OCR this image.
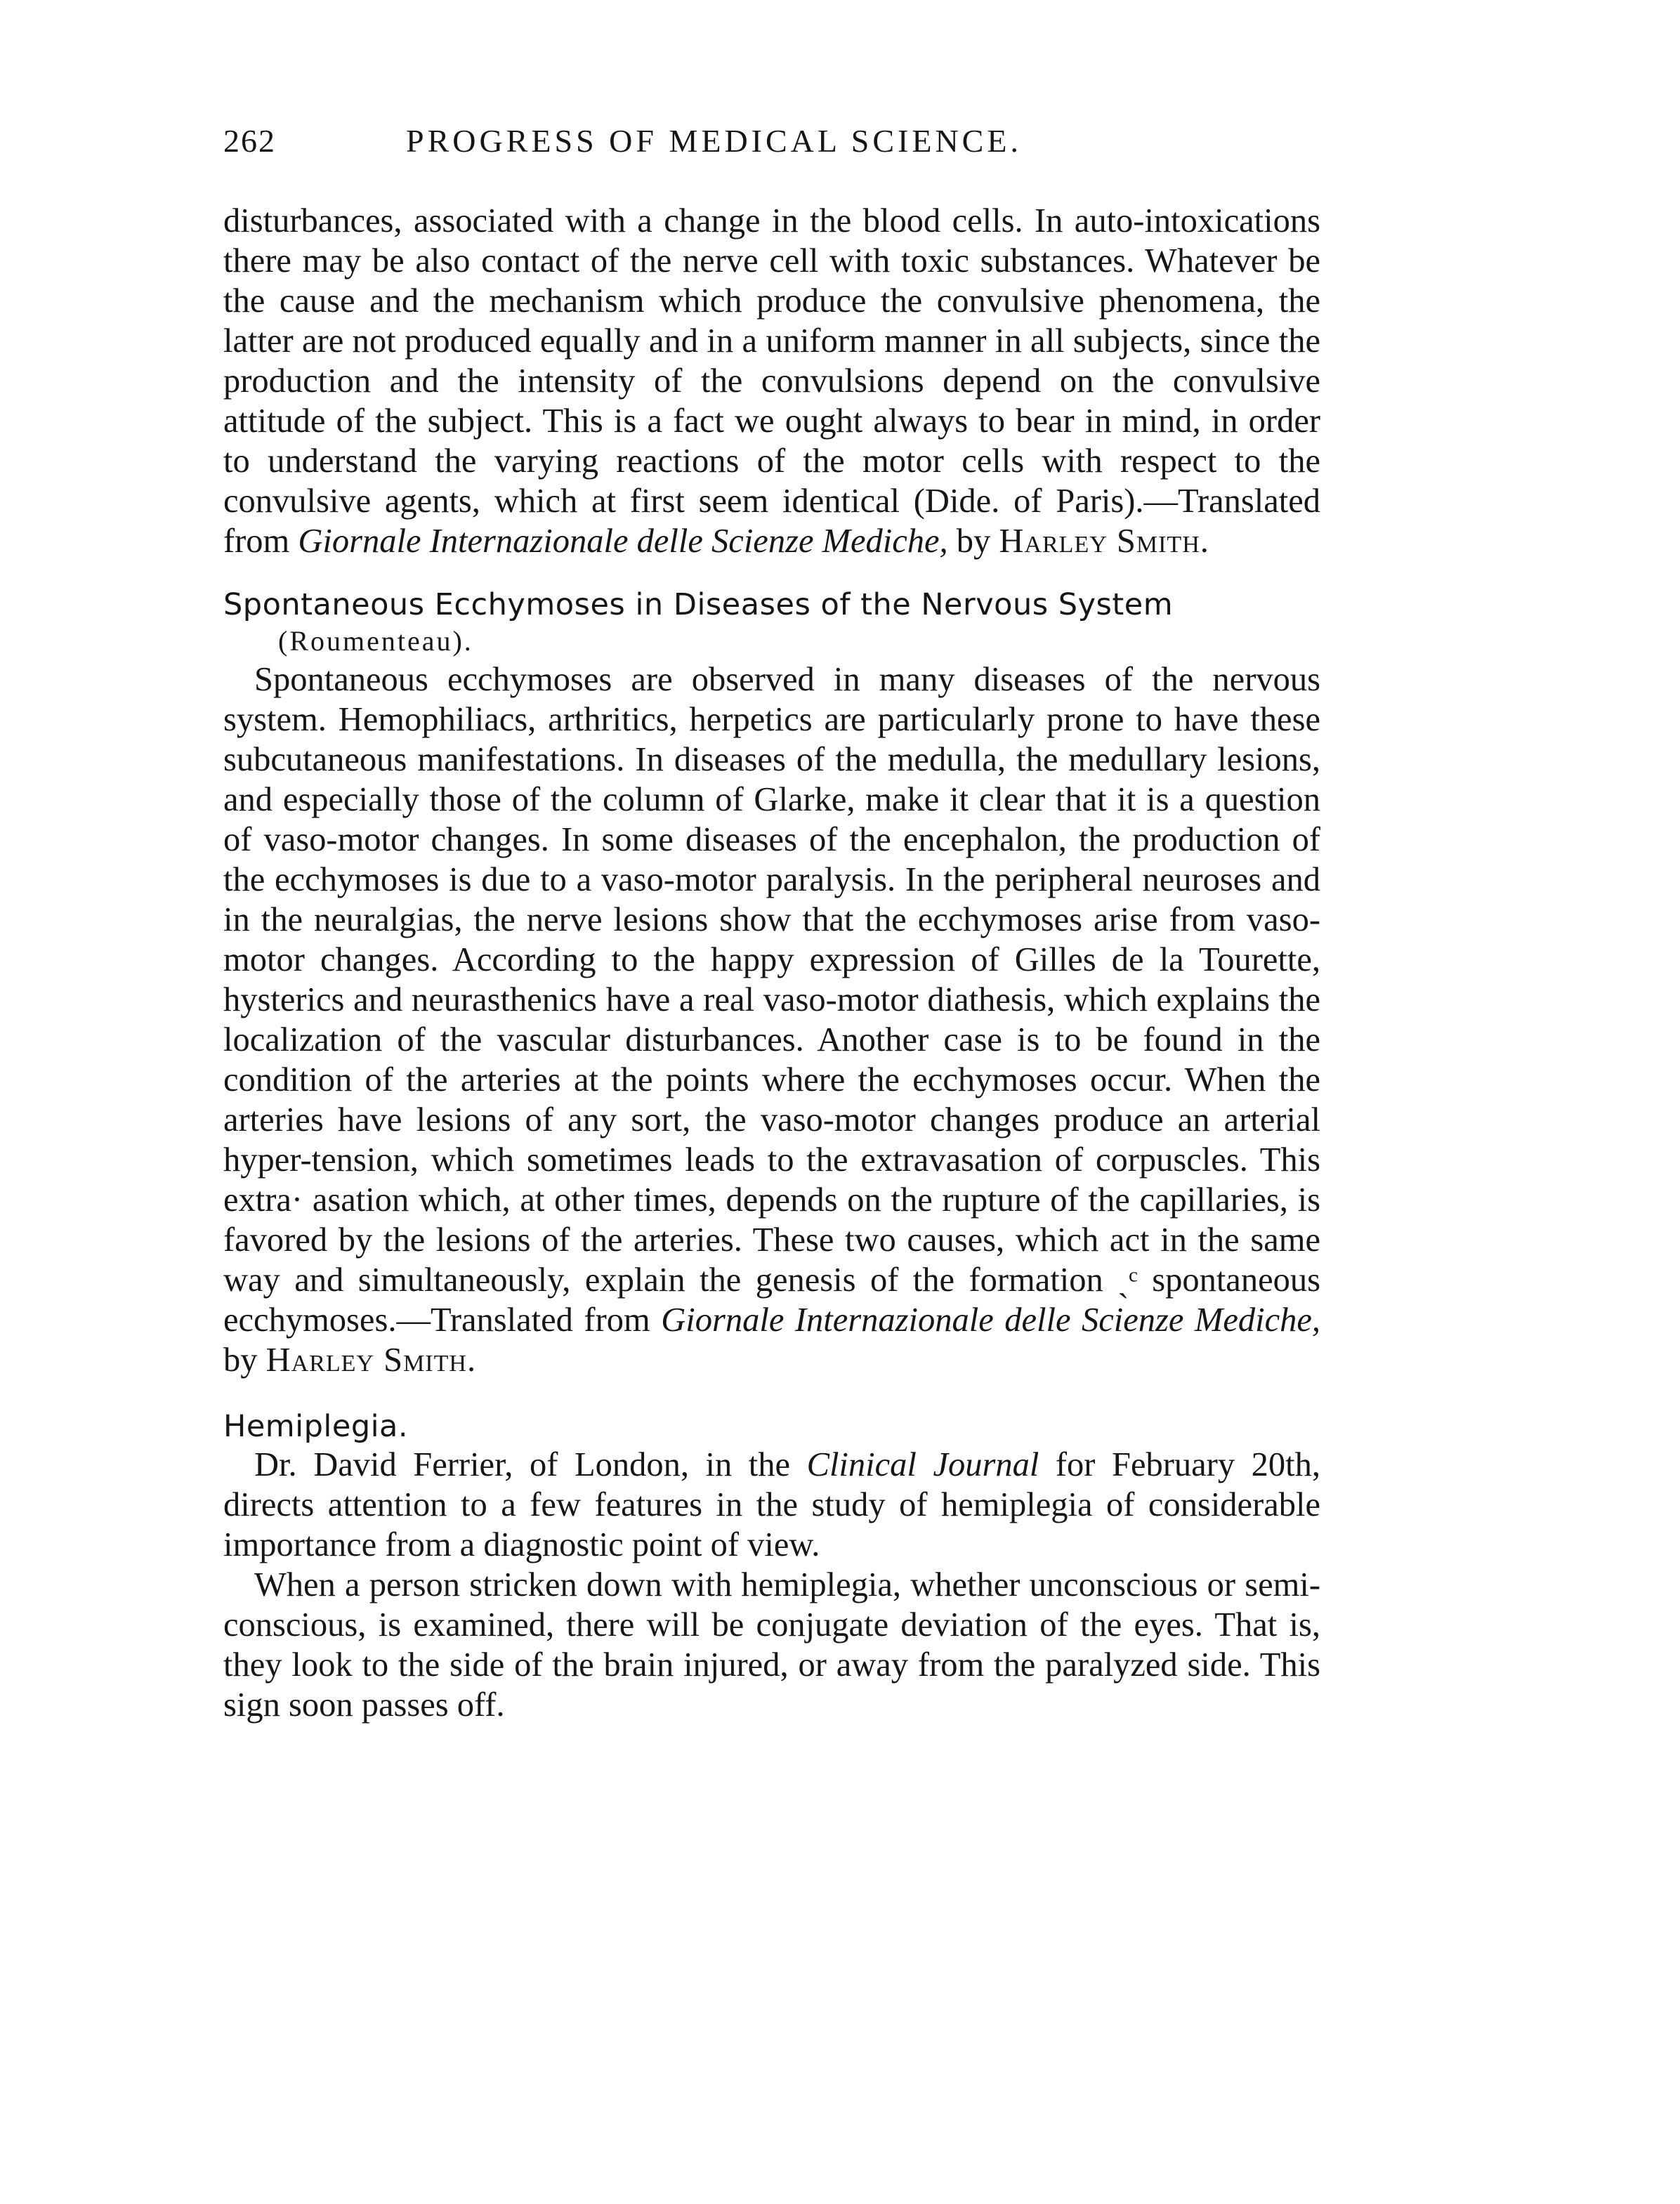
262	PROGRESS OF MEDICAL SCIENCE.

disturbances, associated with a change in the blood cells. In auto-intoxications there may be also contact of the nerve cell with toxic substances. Whatever be the cause and the mechanism which produce the convulsive phenomena, the latter are not produced equally and in a uniform manner in all subjects, since the production and the intensity of the convulsions depend on the convulsive attitude of the subject. This is a fact we ought always to bear in mind, in order to understand the varying reactions of the motor cells with respect to the convulsive agents, which at first seem identical (Dide. of Paris).—Translated from Giornale Internazionale delle Scienze Mediche, by Harley Smith.

Spontaneous Ecchymoses in Diseases of the Nervous System
(Roumenteau).

Spontaneous ecchymoses are observed in many diseases of the nervous system. Hemophiliacs, arthritics, herpetics are particularly prone to have these subcutaneous manifestations. In diseases of the medulla, the medullary lesions, and especially those of the column of Glarke, make it clear that it is a question of vaso-motor changes. In some diseases of the encephalon, the production of the ecchymoses is due to a vaso-motor paralysis. In the peripheral neuroses and in the neuralgias, the nerve lesions show that the ecchymoses arise from vaso-motor changes. According to the happy expression of Gilles de la Tourette, hysterics and neurasthenics have a real vaso-motor diathesis, which explains the localization of the vascular disturbances. Another case is to be found in the condition of the arteries at the points where the ecchymoses occur. When the arteries have lesions of any sort, the vaso-motor changes produce an arterial hyper-tension, which sometimes leads to the extravasation of corpuscles. This extra· asation which, at other times, depends on the rupture of the capillaries, is favored by the lesions of the arteries. These two causes, which act in the same way and simultaneously, explain the genesis of the formation ˎᶜ spontaneous ecchymoses.—Translated from Giornale Internazionale delle Scienze Mediche, by Harley Smith.

Hemiplegia.

Dr. David Ferrier, of London, in the Clinical Journal for February 20th, directs attention to a few features in the study of hemiplegia of considerable importance from a diagnostic point of view.

When a person stricken down with hemiplegia, whether unconscious or semi-conscious, is examined, there will be conjugate deviation of the eyes. That is, they look to the side of the brain injured, or away from the paralyzed side. This sign soon passes off.
